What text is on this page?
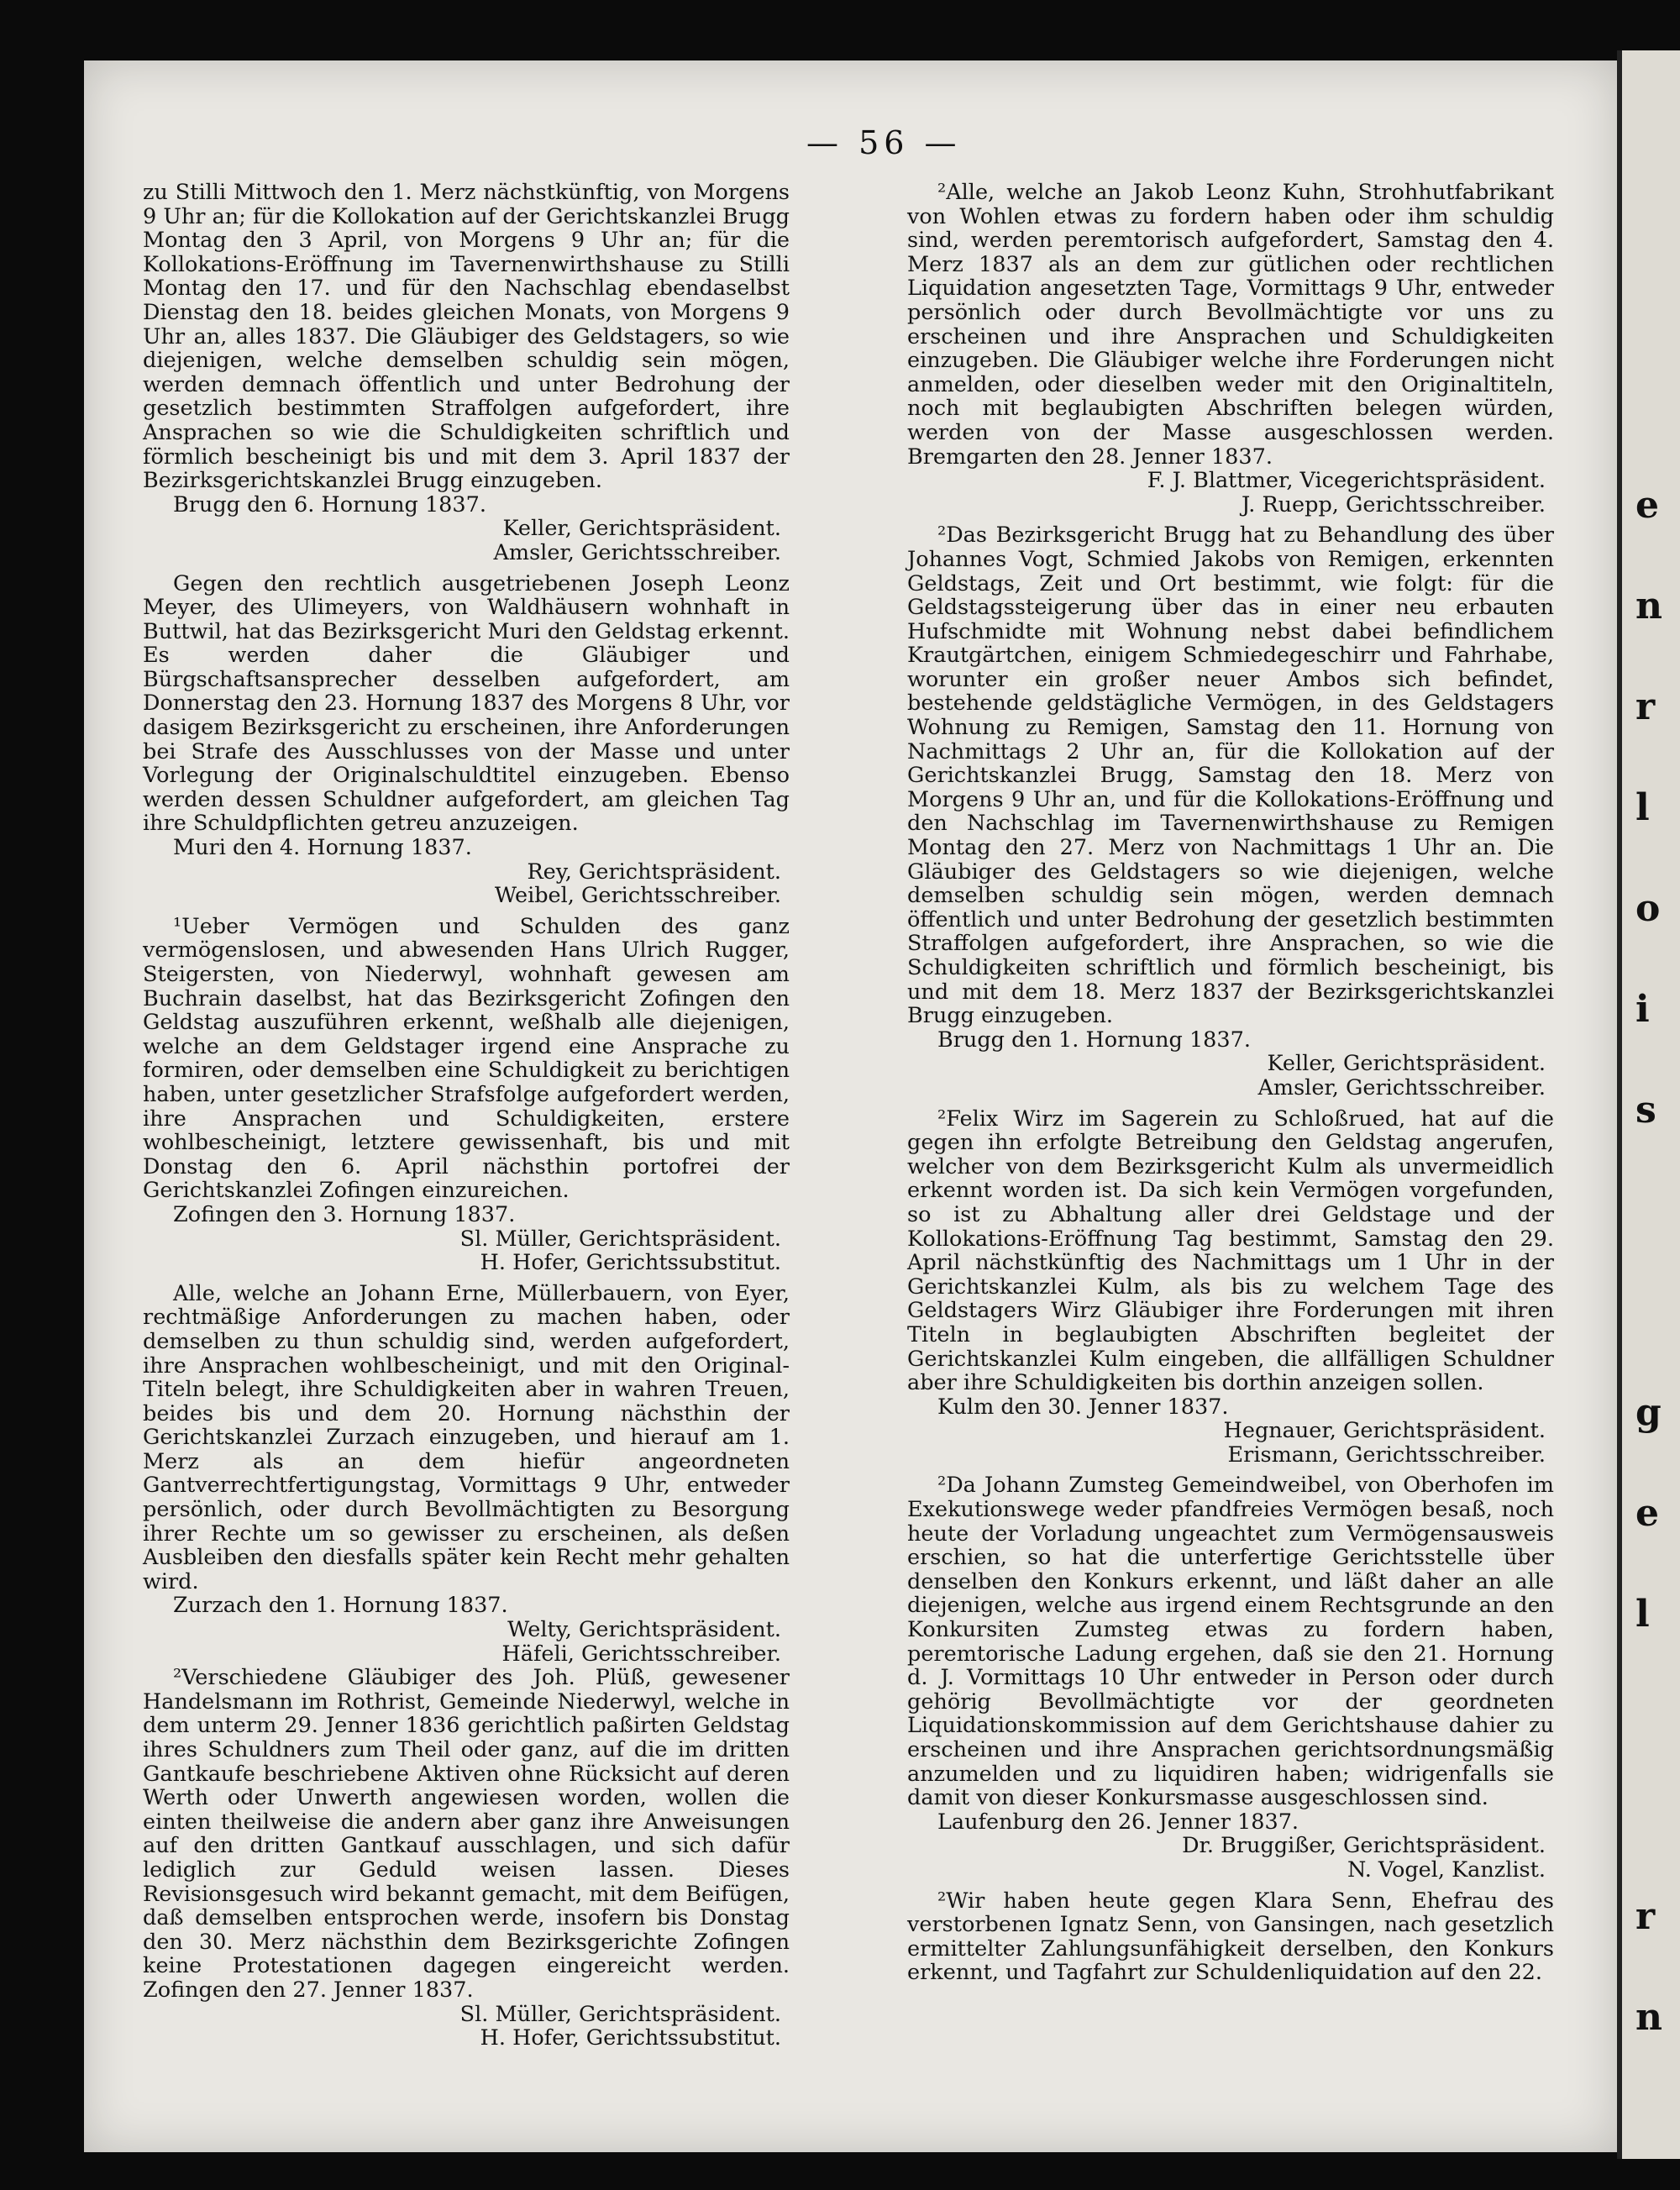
e
n
r
l
o
i
s
g
e
l
r
n
— 56 —

zu Stilli Mittwoch den 1. Merz nächstkünftig, von Morgens 9 Uhr an; für die Kollokation auf der Gerichtskanzlei Brugg Montag den 3 April, von Morgens 9 Uhr an; für die Kollokations-Eröffnung im Tavernenwirthshause zu Stilli Montag den 17. und für den Nachschlag ebendaselbst Dienstag den 18. beides gleichen Monats, von Morgens 9 Uhr an, alles 1837. Die Gläubiger des Geldstagers, so wie diejenigen, welche demselben schuldig sein mögen, werden demnach öffentlich und unter Bedrohung der gesetzlich bestimmten Straffolgen aufgefordert, ihre Ansprachen so wie die Schuldigkeiten schriftlich und förmlich bescheinigt bis und mit dem 3. April 1837 der Bezirksgerichtskanzlei Brugg einzugeben.

Brugg den 6. Hornung 1837.

Keller, Gerichtspräsident.

Amsler, Gerichtsschreiber.

Gegen den rechtlich ausgetriebenen Joseph Leonz Meyer, des Ulimeyers, von Waldhäusern wohnhaft in Buttwil, hat das Bezirksgericht Muri den Geldstag erkennt. Es werden daher die Gläubiger und Bürgschaftsansprecher desselben aufgefordert, am Donnerstag den 23. Hornung 1837 des Morgens 8 Uhr, vor dasigem Bezirksgericht zu erscheinen, ihre Anforderungen bei Strafe des Ausschlusses von der Masse und unter Vorlegung der Originalschuldtitel einzugeben. Ebenso werden dessen Schuldner aufgefordert, am gleichen Tag ihre Schuldpflichten getreu anzuzeigen.

Muri den 4. Hornung 1837.

Rey, Gerichtspräsident.

Weibel, Gerichtsschreiber.

¹Ueber Vermögen und Schulden des ganz vermögenslosen, und abwesenden Hans Ulrich Rugger, Steigersten, von Niederwyl, wohnhaft gewesen am Buchrain daselbst, hat das Bezirksgericht Zofingen den Geldstag auszuführen erkennt, weßhalb alle diejenigen, welche an dem Geldstager irgend eine Ansprache zu formiren, oder demselben eine Schuldigkeit zu berichtigen haben, unter gesetzlicher Strafsfolge aufgefordert werden, ihre Ansprachen und Schuldigkeiten, erstere wohlbescheinigt, letztere gewissenhaft, bis und mit Donstag den 6. April nächsthin portofrei der Gerichtskanzlei Zofingen einzureichen.

Zofingen den 3. Hornung 1837.

Sl. Müller, Gerichtspräsident.

H. Hofer, Gerichtssubstitut.

Alle, welche an Johann Erne, Müllerbauern, von Eyer, rechtmäßige Anforderungen zu machen haben, oder demselben zu thun schuldig sind, werden aufgefordert, ihre Ansprachen wohlbescheinigt, und mit den Original-Titeln belegt, ihre Schuldigkeiten aber in wahren Treuen, beides bis und dem 20. Hornung nächsthin der Gerichtskanzlei Zurzach einzugeben, und hierauf am 1. Merz als an dem hiefür angeordneten Gantverrechtfertigungstag, Vormittags 9 Uhr, entweder persönlich, oder durch Bevollmächtigten zu Besorgung ihrer Rechte um so gewisser zu erscheinen, als deßen Ausbleiben den diesfalls später kein Recht mehr gehalten wird.

Zurzach den 1. Hornung 1837.

Welty, Gerichtspräsident.

Häfeli, Gerichtsschreiber.

²Verschiedene Gläubiger des Joh. Plüß, gewesener Handelsmann im Rothrist, Gemeinde Niederwyl, welche in dem unterm 29. Jenner 1836 gerichtlich paßirten Geldstag ihres Schuldners zum Theil oder ganz, auf die im dritten Gantkaufe beschriebene Aktiven ohne Rücksicht auf deren Werth oder Unwerth angewiesen worden, wollen die einten theilweise die andern aber ganz ihre Anweisungen auf den dritten Gantkauf ausschlagen, und sich dafür lediglich zur Geduld weisen lassen. Dieses Revisionsgesuch wird bekannt gemacht, mit dem Beifügen, daß demselben entsprochen werde, insofern bis Donstag den 30. Merz nächsthin dem Bezirksgerichte Zofingen keine Protestationen dagegen eingereicht werden. Zofingen den 27. Jenner 1837.

Sl. Müller, Gerichtspräsident.

H. Hofer, Gerichtssubstitut.

²Alle, welche an Jakob Leonz Kuhn, Strohhutfabrikant von Wohlen etwas zu fordern haben oder ihm schuldig sind, werden peremtorisch aufgefordert, Samstag den 4. Merz 1837 als an dem zur gütlichen oder rechtlichen Liquidation angesetzten Tage, Vormittags 9 Uhr, entweder persönlich oder durch Bevollmächtigte vor uns zu erscheinen und ihre Ansprachen und Schuldigkeiten einzugeben. Die Gläubiger welche ihre Forderungen nicht anmelden, oder dieselben weder mit den Originaltiteln, noch mit beglaubigten Abschriften belegen würden, werden von der Masse ausgeschlossen werden. Bremgarten den 28. Jenner 1837.

F. J. Blattmer, Vicegerichtspräsident.

J. Ruepp, Gerichtsschreiber.

²Das Bezirksgericht Brugg hat zu Behandlung des über Johannes Vogt, Schmied Jakobs von Remigen, erkennten Geldstags, Zeit und Ort bestimmt, wie folgt: für die Geldstagssteigerung über das in einer neu erbauten Hufschmidte mit Wohnung nebst dabei befindlichem Krautgärtchen, einigem Schmiedegeschirr und Fahrhabe, worunter ein großer neuer Ambos sich befindet, bestehende geldstägliche Vermögen, in des Geldstagers Wohnung zu Remigen, Samstag den 11. Hornung von Nachmittags 2 Uhr an, für die Kollokation auf der Gerichtskanzlei Brugg, Samstag den 18. Merz von Morgens 9 Uhr an, und für die Kollokations-Eröffnung und den Nachschlag im Tavernenwirthshause zu Remigen Montag den 27. Merz von Nachmittags 1 Uhr an. Die Gläubiger des Geldstagers so wie diejenigen, welche demselben schuldig sein mögen, werden demnach öffentlich und unter Bedrohung der gesetzlich bestimmten Straffolgen aufgefordert, ihre Ansprachen, so wie die Schuldigkeiten schriftlich und förmlich bescheinigt, bis und mit dem 18. Merz 1837 der Bezirksgerichtskanzlei Brugg einzugeben.

Brugg den 1. Hornung 1837.

Keller, Gerichtspräsident.

Amsler, Gerichtsschreiber.

²Felix Wirz im Sagerein zu Schloßrued, hat auf die gegen ihn erfolgte Betreibung den Geldstag angerufen, welcher von dem Bezirksgericht Kulm als unvermeidlich erkennt worden ist. Da sich kein Vermögen vorgefunden, so ist zu Abhaltung aller drei Geldstage und der Kollokations-Eröffnung Tag bestimmt, Samstag den 29. April nächstkünftig des Nachmittags um 1 Uhr in der Gerichtskanzlei Kulm, als bis zu welchem Tage des Geldstagers Wirz Gläubiger ihre Forderungen mit ihren Titeln in beglaubigten Abschriften begleitet der Gerichtskanzlei Kulm eingeben, die allfälligen Schuldner aber ihre Schuldigkeiten bis dorthin anzeigen sollen.

Kulm den 30. Jenner 1837.

Hegnauer, Gerichtspräsident.

Erismann, Gerichtsschreiber.

²Da Johann Zumsteg Gemeindweibel, von Oberhofen im Exekutionswege weder pfandfreies Vermögen besaß, noch heute der Vorladung ungeachtet zum Vermögensausweis erschien, so hat die unterfertige Gerichtsstelle über denselben den Konkurs erkennt, und läßt daher an alle diejenigen, welche aus irgend einem Rechtsgrunde an den Konkursiten Zumsteg etwas zu fordern haben, peremtorische Ladung ergehen, daß sie den 21. Hornung d. J. Vormittags 10 Uhr entweder in Person oder durch gehörig Bevollmächtigte vor der geordneten Liquidationskommission auf dem Gerichtshause dahier zu erscheinen und ihre Ansprachen gerichtsordnungsmäßig anzumelden und zu liquidiren haben; widrigenfalls sie damit von dieser Konkursmasse ausgeschlossen sind.

Laufenburg den 26. Jenner 1837.

Dr. Bruggißer, Gerichtspräsident.

N. Vogel, Kanzlist.

²Wir haben heute gegen Klara Senn, Ehefrau des verstorbenen Ignatz Senn, von Gansingen, nach gesetzlich ermittelter Zahlungsunfähigkeit derselben, den Konkurs erkennt, und Tagfahrt zur Schuldenliquidation auf den 22.
